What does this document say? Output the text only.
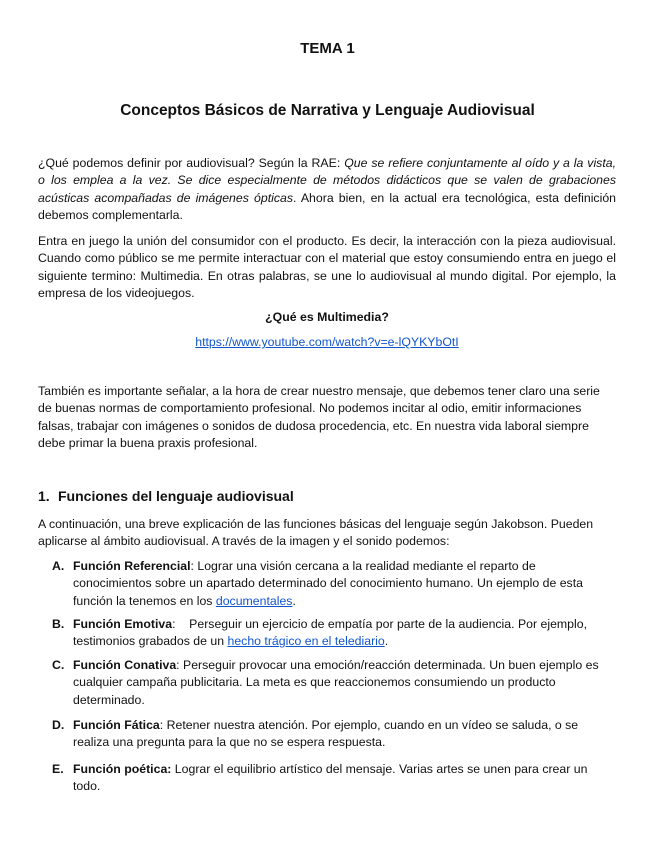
TEMA 1
Conceptos Básicos de Narrativa y Lenguaje Audiovisual

¿Qué podemos definir por audiovisual? Según la RAE: Que se refiere conjuntamente al oído y a la vista, o los emplea a la vez. Se dice especialmente de métodos didácticos que se valen de grabaciones acústicas acompañadas de imágenes ópticas. Ahora bien, en la actual era tecnológica, esta definición debemos complementarla.

Entra en juego la unión del consumidor con el producto. Es decir, la interacción con la pieza audiovisual. Cuando como público se me permite interactuar con el material que estoy consumiendo entra en juego el siguiente termino: Multimedia. En otras palabras, se une lo audiovisual al mundo digital. Por ejemplo, la empresa de los videojuegos.

¿Qué es Multimedia?

https://www.youtube.com/watch?v=e-lQYKYbOtI

También es importante señalar, a la hora de crear nuestro mensaje, que debemos tener claro una serie de buenas normas de comportamiento profesional. No podemos incitar al odio, emitir informaciones falsas, trabajar con imágenes o sonidos de dudosa procedencia, etc. En nuestra vida laboral siempre debe primar la buena praxis profesional.

1. Funciones del lenguaje audiovisual

A continuación, una breve explicación de las funciones básicas del lenguaje según Jakobson. Pueden aplicarse al ámbito audiovisual. A través de la imagen y el sonido podemos:

A. Función Referencial: Lograr una visión cercana a la realidad mediante el reparto de conocimientos sobre un apartado determinado del conocimiento humano. Un ejemplo de esta función la tenemos en los documentales.
B. Función Emotiva:    Perseguir un ejercicio de empatía por parte de la audiencia. Por ejemplo, testimonios grabados de un hecho trágico en el telediario.
C. Función Conativa: Perseguir provocar una emoción/reacción determinada. Un buen ejemplo es cualquier campaña publicitaria. La meta es que reaccionemos consumiendo un producto determinado.
D. Función Fática: Retener nuestra atención. Por ejemplo, cuando en un vídeo se saluda, o se realiza una pregunta para la que no se espera respuesta.
E. Función poética: Lograr el equilibrio artístico del mensaje. Varias artes se unen para crear un todo.
